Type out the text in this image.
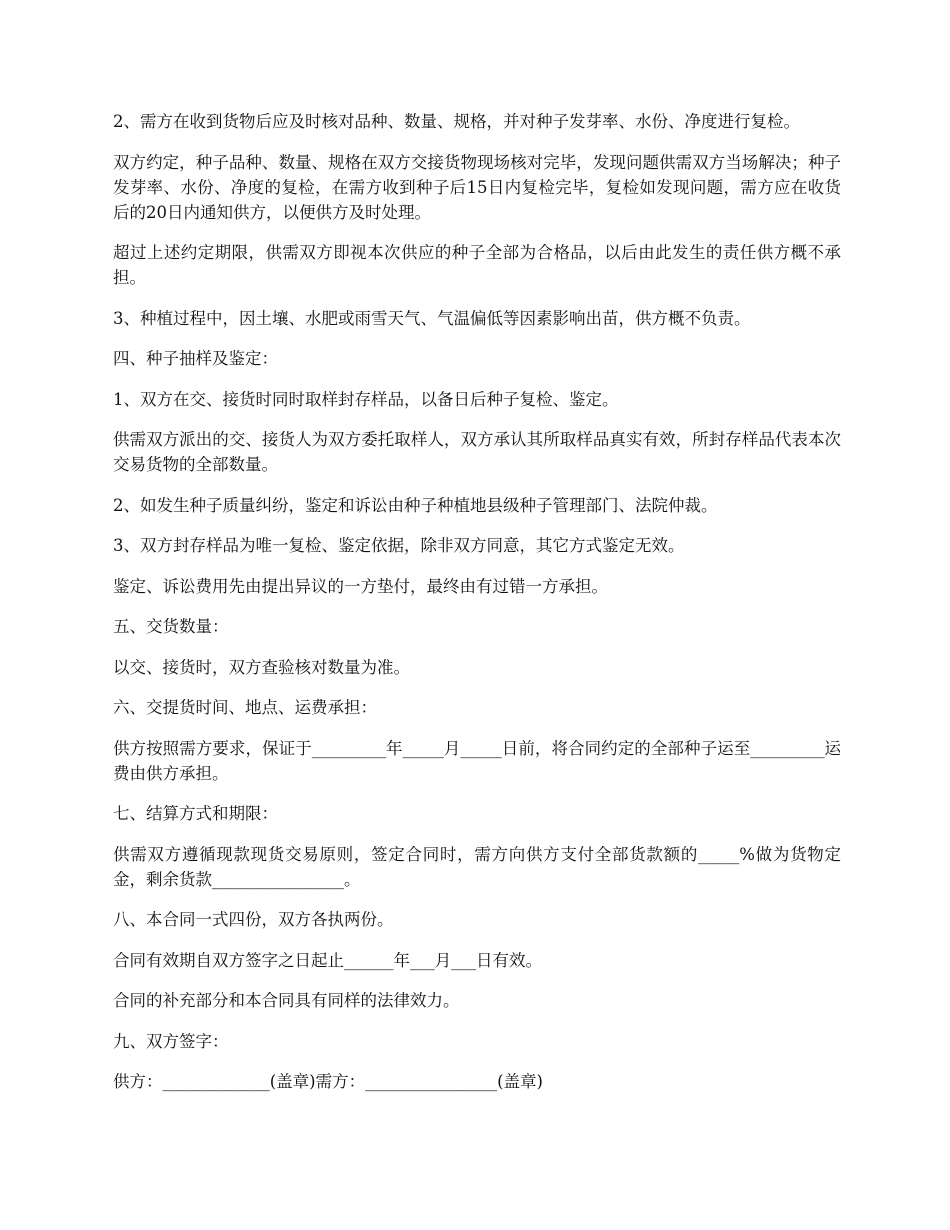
2、需方在收到货物后应及时核对品种、数量、规格，并对种子发芽率、水份、净度进行复检。

双方约定，种子品种、数量、规格在双方交接货物现场核对完毕，发现问题供需双方当场解决；种子发芽率、水份、净度的复检，在需方收到种子后15日内复检完毕，复检如发现问题，需方应在收货后的20日内通知供方，以便供方及时处理。

超过上述约定期限，供需双方即视本次供应的种子全部为合格品，以后由此发生的责任供方概不承担。

3、种植过程中，因土壤、水肥或雨雪天气、气温偏低等因素影响出苗，供方概不负责。

四、种子抽样及鉴定：

1、双方在交、接货时同时取样封存样品，以备日后种子复检、鉴定。

供需双方派出的交、接货人为双方委托取样人，双方承认其所取样品真实有效，所封存样品代表本次交易货物的全部数量。

2、如发生种子质量纠纷，鉴定和诉讼由种子种植地县级种子管理部门、法院仲裁。

3、双方封存样品为唯一复检、鉴定依据，除非双方同意，其它方式鉴定无效。

鉴定、诉讼费用先由提出异议的一方垫付，最终由有过错一方承担。

五、交货数量：

以交、接货时，双方查验核对数量为准。

六、交提货时间、地点、运费承担：

供方按照需方要求，保证于_________年_____月_____日前，将合同约定的全部种子运至_________运费由供方承担。

七、结算方式和期限：

供需双方遵循现款现货交易原则，签定合同时，需方向供方支付全部货款额的_____%做为货物定金，剩余货款________________。

八、本合同一式四份，双方各执两份。

合同有效期自双方签字之日起止______年___月___日有效。

合同的补充部分和本合同具有同样的法律效力。

九、双方签字：

供方：_____________(盖章)需方：________________(盖章)
